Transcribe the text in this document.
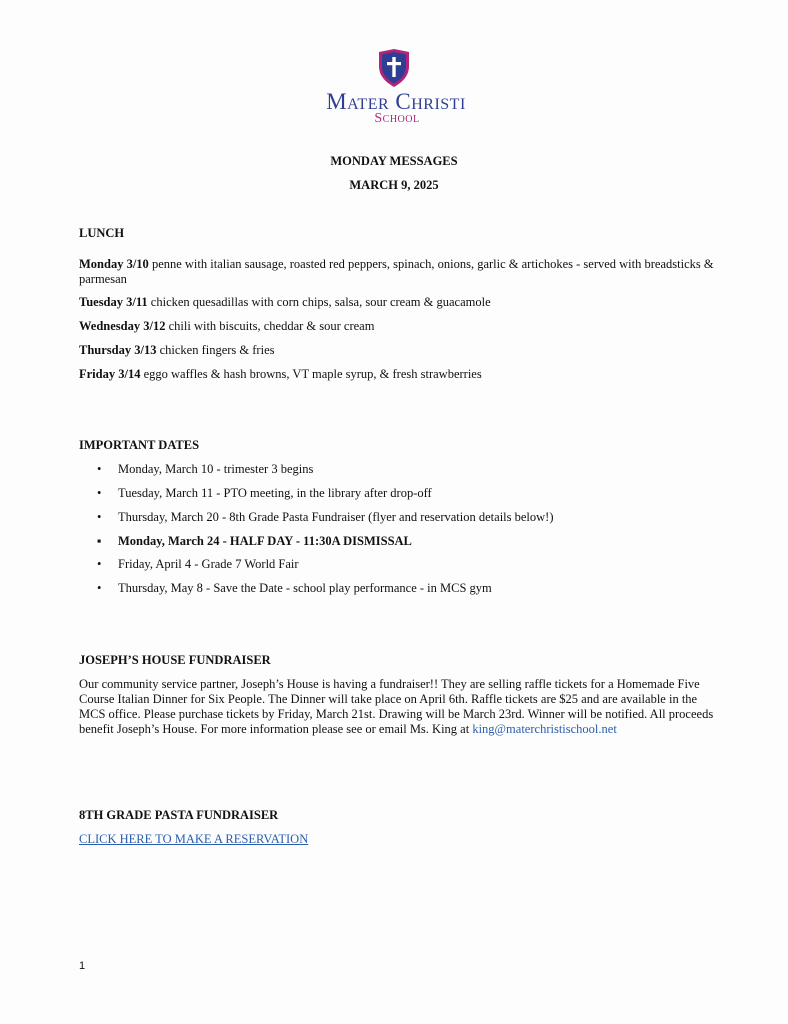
Mater Christi
School
MONDAY MESSAGES
MARCH 9, 2025
LUNCH
Monday 3/10 penne with italian sausage, roasted red peppers, spinach, onions, garlic & artichokes - served with breadsticks & parmesan
Tuesday 3/11 chicken quesadillas with corn chips, salsa, sour cream & guacamole
Wednesday 3/12 chili with biscuits, cheddar & sour cream
Thursday 3/13 chicken fingers & fries
Friday 3/14 eggo waffles & hash browns, VT maple syrup, & fresh strawberries
IMPORTANT DATES
• Monday, March 10 - trimester 3 begins
• Tuesday, March 11 - PTO meeting, in the library after drop-off
• Thursday, March 20 - 8th Grade Pasta Fundraiser (flyer and reservation details below!)
▪ Monday, March 24 - HALF DAY - 11:30A DISMISSAL
• Friday, April 4 - Grade 7 World Fair
• Thursday, May 8 - Save the Date - school play performance - in MCS gym
JOSEPH’S HOUSE FUNDRAISER
Our community service partner, Joseph’s House is having a fundraiser!! They are selling raffle tickets for a Homemade Five Course Italian Dinner for Six People. The Dinner will take place on April 6th. Raffle tickets are $25 and are available in the MCS office. Please purchase tickets by Friday, March 21st. Drawing will be March 23rd. Winner will be notified. All proceeds benefit Joseph’s House. For more information please see or email Ms. King at king@materchristischool.net
8TH GRADE PASTA FUNDRAISER
CLICK HERE TO MAKE A RESERVATION
1
